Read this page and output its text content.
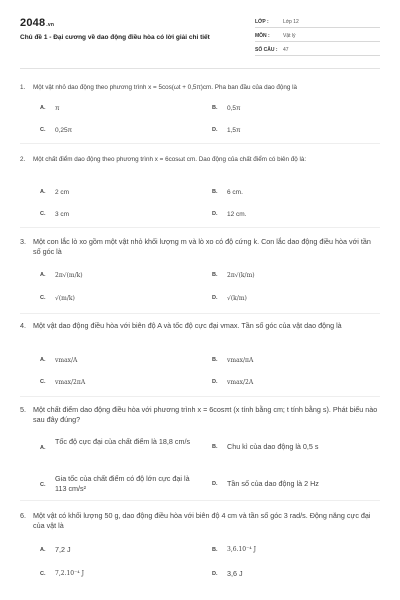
2048.vn
Chủ đề 1 - Đại cương về dao động điều hòa có lời giải chi tiết
LỚP :	Lớp 12
MÔN :	Vật lý
SỐ CÂU : 47
1. Một vật nhỏ dao động theo phương trình x = 5cos(ωt + 0,5π)cm. Pha ban đầu của dao động là
A. π	B. 0,5π
C. 0,25π	D. 1,5π
2. Một chất điểm dao động theo phương trình x = 6cosωt cm. Dao động của chất điểm có biên độ là:
A. 2 cm	B. 6 cm.
C. 3 cm	D. 12 cm.
3. Một con lắc lò xo gồm một vật nhỏ khối lượng m và lò xo có độ cứng k. Con lắc dao động điều hòa với tần số góc là
A. 2π√(m/k)	B. 2π√(k/m)
C. √(m/k)	D. √(k/m)
4. Một vật dao động điều hòa với biên độ A và tốc độ cực đại vmax. Tần số góc của vật dao động là
A. vmax/A	B. vmax/πA
C. vmax/2πA	D. vmax/2A
5. Một chất điểm dao động điều hòa với phương trình x = 6cosπt (x tính bằng cm; t tính bằng s). Phát biểu nào sau đây đúng?
A.
Tốc độ cực đại của chất điểm là 18,8 cm/s
B. Chu kì của dao động là 0,5 s
C.
Gia tốc của chất điểm có độ lớn cực đại là 113 cm/s²	D. Tần số của dao động là 2 Hz
6. Một vật có khối lượng 50 g, dao động điều hòa với biên độ 4 cm và tần số góc 3 rad/s. Động năng cực đại của vật là
A. 7,2 J	B. 3,6.10⁻⁴ J
C. 7,2.10⁻⁴ J	D. 3,6 J
